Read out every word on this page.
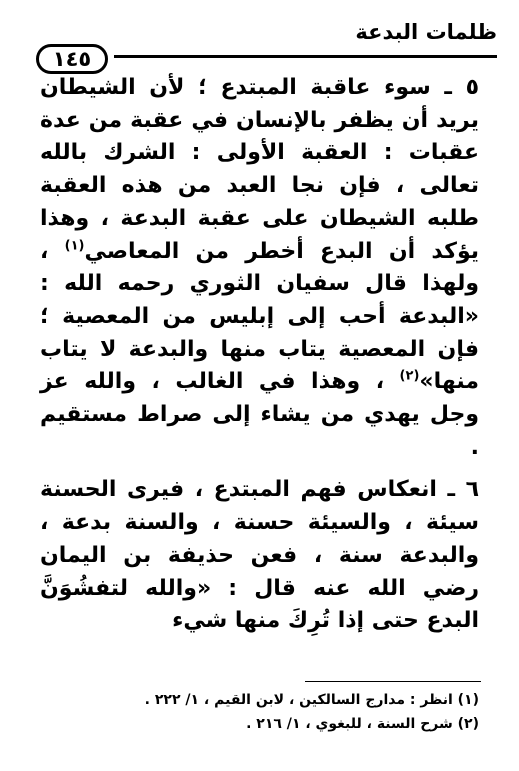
ظلمات البدعة
١٤٥

٥ ـ سوء عاقبة المبتدع ؛ لأن الشيطان يريد أن يظفر بالإنسان في عقبة من عدة عقبات : العقبة الأولى : الشرك بالله تعالى ، فإن نجا العبد من هذه العقبة طلبه الشيطان على عقبة البدعة ، وهذا يؤكد أن البدع أخطر من المعاصي$^{(١)}$ ، ولهذا قال سفيان الثوري رحمه الله : «البدعة أحب إلى إبليس من المعصية ؛ فإن المعصية يتاب منها والبدعة لا يتاب منها»$^{(٢)}$ ، وهذا في الغالب ، والله عز وجل يهدي من يشاء إلى صراط مستقيم .

٦ ـ انعكاس فهم المبتدع ، فيرى الحسنة سيئة ، والسيئة حسنة ، والسنة بدعة ، والبدعة سنة ، فعن حذيفة بن اليمان رضي الله عنه قال : «والله لتفشُوَنَّ البدع حتى إذا تُرِكَ منها شيء

(١) انظر : مدارج السالكين ، لابن القيم ، ١/ ٢٢٢ .

(٢) شرح السنة ، للبغوي ، ١/ ٢١٦ .
